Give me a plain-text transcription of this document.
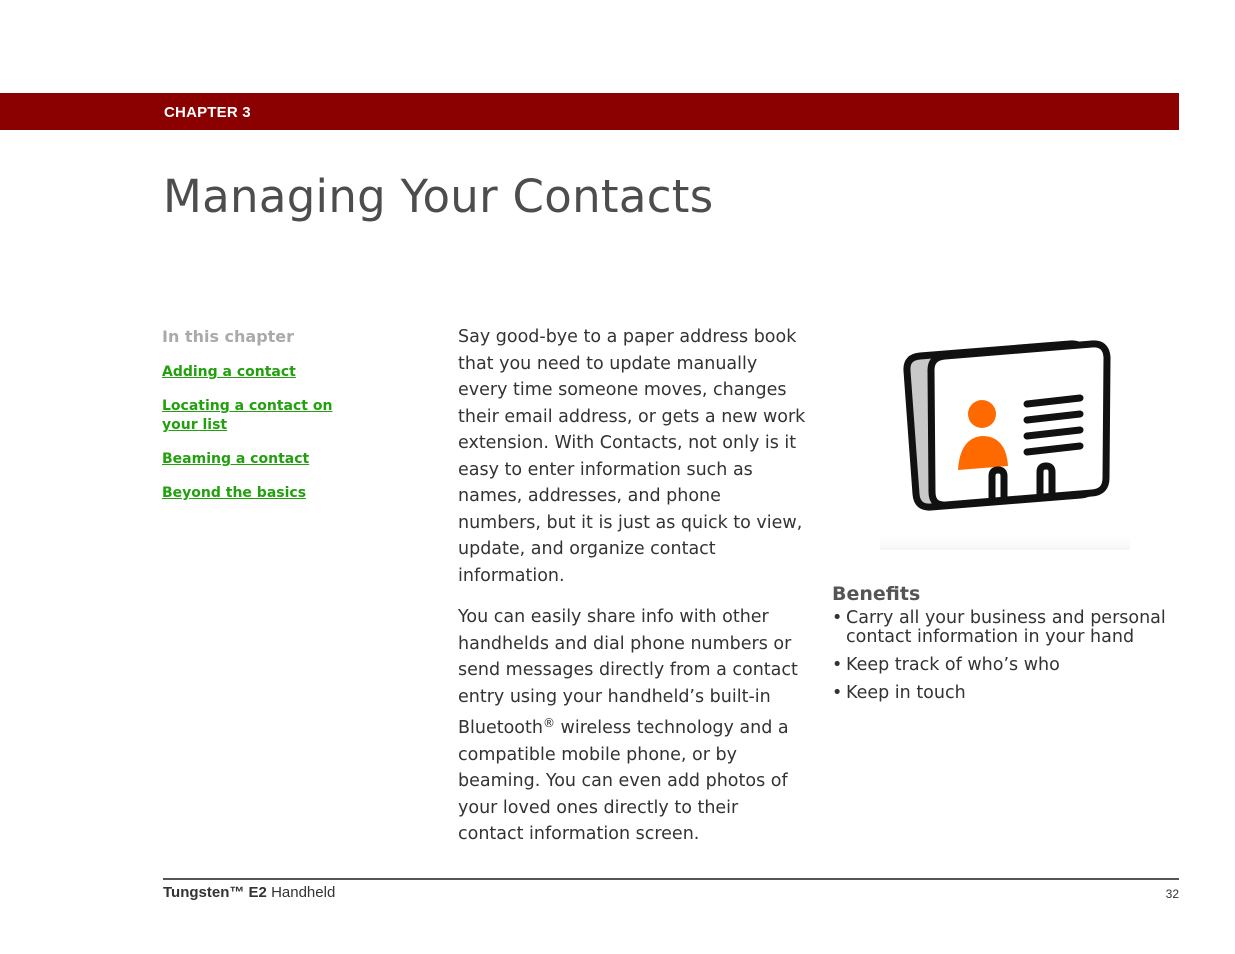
CHAPTER 3
Managing Your Contacts
In this chapter
Adding a contact
Locating a contact on your list
Beaming a contact
Beyond the basics

Say good-bye to a paper address book that you need to update manually every time someone moves, changes their email address, or gets a new work extension. With Contacts, not only is it easy to enter information such as names, addresses, and phone numbers, but it is just as quick to view, update, and organize contact information.

You can easily share info with other handhelds and dial phone numbers or send messages directly from a contact entry using your handheld’s built-in Bluetooth® wireless technology and a compatible mobile phone, or by beaming. You can even add photos of your loved ones directly to their contact information screen.

Benefits
• Carry all your business and personal contact information in your hand
• Keep track of who’s who
• Keep in touch
Tungsten™ E2 Handheld	32
